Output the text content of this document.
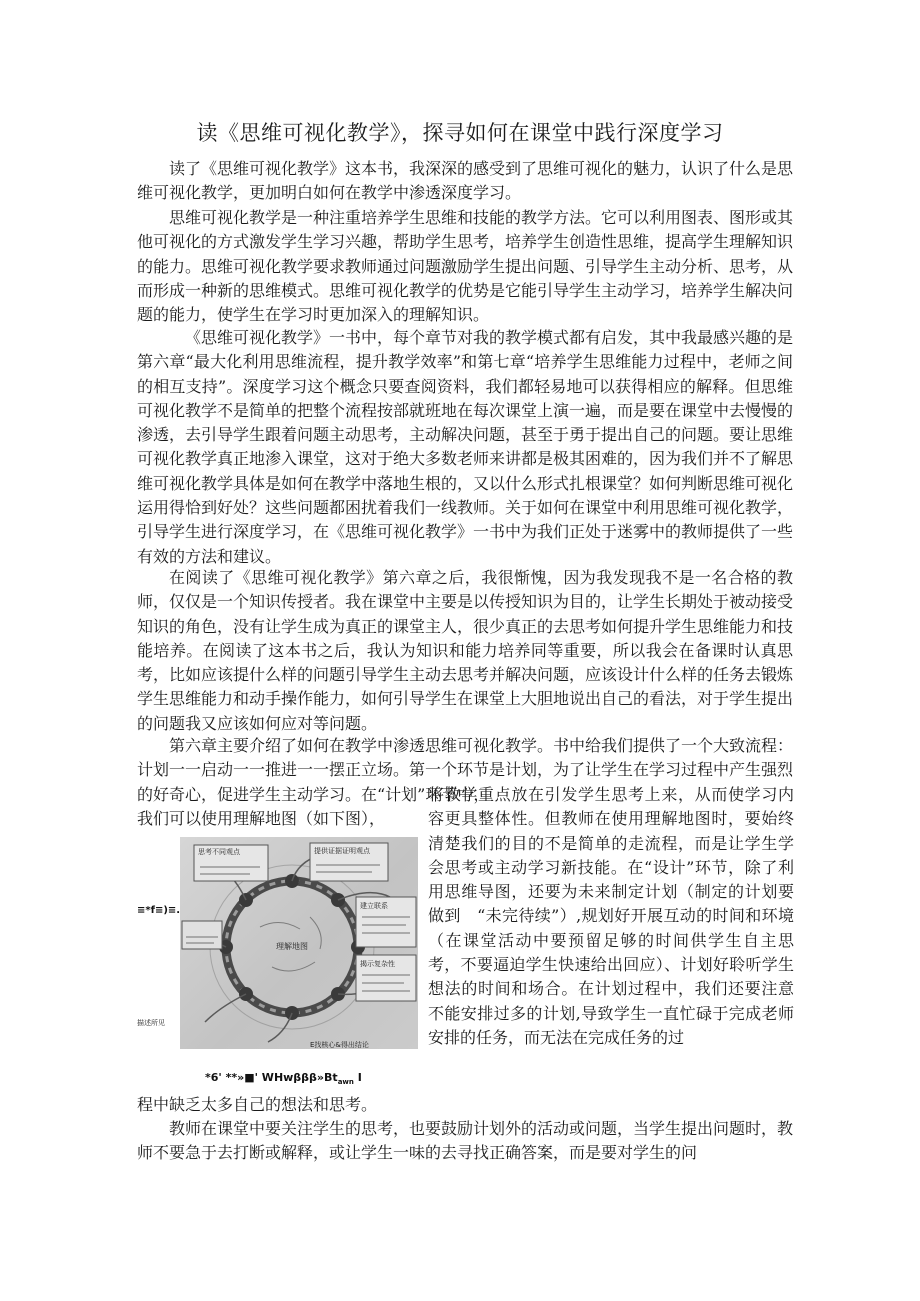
读《思维可视化教学》，探寻如何在课堂中践行深度学习

读了《思维可视化教学》这本书，我深深的感受到了思维可视化的魅力，认识了什么是思维可视化教学，更加明白如何在教学中渗透深度学习。

思维可视化教学是一种注重培养学生思维和技能的教学方法。它可以利用图表、图形或其他可视化的方式激发学生学习兴趣，帮助学生思考，培养学生创造性思维，提高学生理解知识的能力。思维可视化教学要求教师通过问题激励学生提出问题、引导学生主动分析、思考，从而形成一种新的思维模式。思维可视化教学的优势是它能引导学生主动学习，培养学生解决问题的能力，使学生在学习时更加深入的理解知识。

《思维可视化教学》一书中，每个章节对我的教学模式都有启发，其中我最感兴趣的是第六章“最大化利用思维流程，提升教学效率”和第七章“培养学生思维能力过程中，老师之间的相互支持”。深度学习这个概念只要查阅资料，我们都轻易地可以获得相应的解释。但思维可视化教学不是简单的把整个流程按部就班地在每次课堂上演一遍，而是要在课堂中去慢慢的渗透，去引导学生跟着问题主动思考，主动解决问题，甚至于勇于提出自己的问题。要让思维可视化教学真正地渗入课堂，这对于绝大多数老师来讲都是极其困难的，因为我们并不了解思维可视化教学具体是如何在教学中落地生根的，又以什么形式扎根课堂？如何判断思维可视化运用得恰到好处？这些问题都困扰着我们一线教师。关于如何在课堂中利用思维可视化教学，引导学生进行深度学习，在《思维可视化教学》一书中为我们正处于迷雾中的教师提供了一些有效的方法和建议。

在阅读了《思维可视化教学》第六章之后，我很惭愧，因为我发现我不是一名合格的教师，仅仅是一个知识传授者。我在课堂中主要是以传授知识为目的，让学生长期处于被动接受知识的角色，没有让学生成为真正的课堂主人，很少真正的去思考如何提升学生思维能力和技能培养。在阅读了这本书之后，我认为知识和能力培养同等重要，所以我会在备课时认真思考，比如应该提什么样的问题引导学生主动去思考并解决问题，应该设计什么样的任务去锻炼学生思维能力和动手操作能力，如何引导学生在课堂上大胆地说出自己的看法，对于学生提出的问题我又应该如何应对等问题。

第六章主要介绍了如何在教学中渗透思维可视化教学。书中给我们提供了一个大致流程：计划一一启动一一推进一一摆正立场。第一个环节是计划，为了让学生在学习过程中产生强烈的好奇心，促进学生主动学习。在“计划”环节中，

我们可以使用理解地图（如下图），

将教学重点放在引发学生思考上来，从而使学习内容更具整体性。但教师在使用理解地图时，要始终清楚我们的目的不是简单的走流程，而是让学生学会思考或主动学习新技能。在“设计”环节，除了利用思维导图，还要为未来制定计划（制定的计划要做到　“未完待续”）,规划好开展互动的时间和环境（在课堂活动中要预留足够的时间供学生自主思考，不要逼迫学生快速给出回应）、计划好聆听学生想法的时间和场合。在计划过程中，我们还要注意不能安排过多的计划,导致学生一直忙碌于完成老师安排的任务，而无法在完成任务的过

思考不同观点	提供证据证明观点
理解地图
建立联系
揭示复杂性
≡*f≡)≡.
描述所见
E找核心&得出结论
*6' **»■' $WHw\beta\beta\beta»Bt_{awn}$ I
程中缺乏太多自己的想法和思考。

教师在课堂中要关注学生的思考，也要鼓励计划外的活动或问题，当学生提出问题时，教师不要急于去打断或解释，或让学生一味的去寻找正确答案，而是要对学生的问
